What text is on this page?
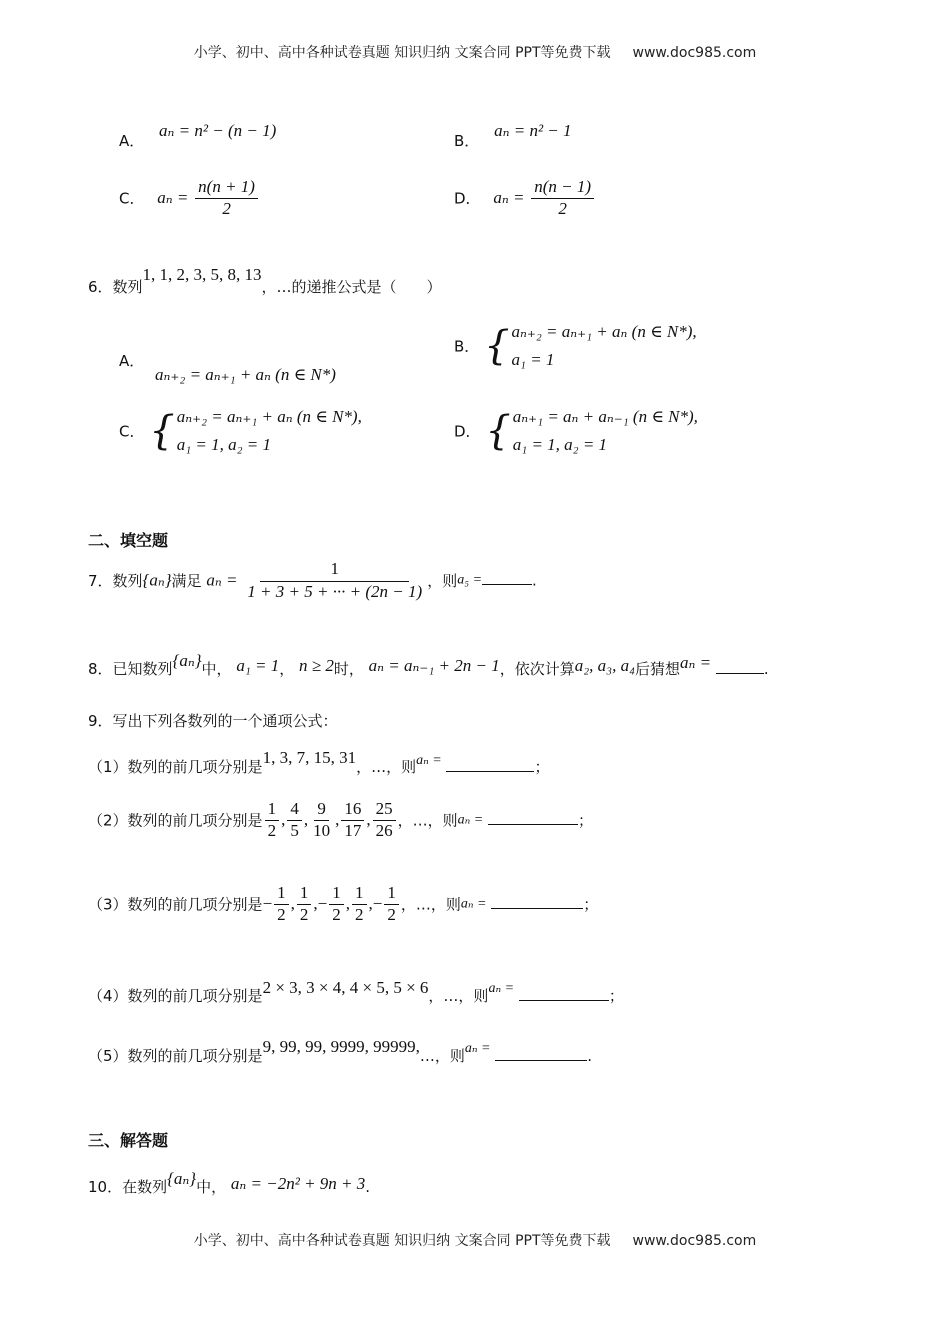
小学、初中、高中各种试卷真题 知识归纳 文案合同 PPT等免费下载 www.doc985.com
A． aₙ = n² − (n − 1)
B． aₙ = n² − 1
C． $a_n = \frac{n(n + 1)}{2}$	D． $a_n = \frac{n(n - 1)}{2}$
6．数列1, 1, 2, 3, 5, 8, 13，…的递推公式是（　　）
A． aₙ₊₂ = aₙ₊₁ + aₙ (n ∈ N*)
B． { aₙ₊₂ = aₙ₊₁ + aₙ (n ∈ N*),
a₁ = 1
C． { aₙ₊₂ = aₙ₊₁ + aₙ (n ∈ N*),
a₁ = 1, a₂ = 1
D． { aₙ₊₁ = aₙ + aₙ₋₁ (n ∈ N*),
a₁ = 1, a₂ = 1
二、填空题
7．数列{aₙ}满足 $a_n = \frac{1}{1 + 3 + 5 + \cdot\cdot\cdot + (2n - 1)}$ ，则a₅ =	.
8．已知数列{aₙ}中， a₁ = 1， n ≥ 2时， aₙ = aₙ₋₁ + 2n − 1，依次计算a₂, a₃, a₄后猜想aₙ =	.
9．写出下列各数列的一个通项公式：
（1）数列的前几项分别是1, 3, 7, 15, 31，…，则aₙ =	；
（2）数列的前几项分别是 $\frac{1}{2}$ , $\frac{4}{5}$ , $\frac{9}{10}$ , $\frac{16}{17}$ , $\frac{25}{26}$ ，…，则aₙ =	；
（3）数列的前几项分别是− $\frac{1}{2}$ , $\frac{1}{2}$ ,− $\frac{1}{2}$ , $\frac{1}{2}$ ,− $\frac{1}{2}$ ，…，则aₙ =	；
（4）数列的前几项分别是2 × 3, 3 × 4, 4 × 5, 5 × 6，…，则aₙ =	；
（5）数列的前几项分别是9, 99, 99, 9999, 99999,…，则aₙ =	.
三、解答题
10．在数列{aₙ}中， aₙ = −2n² + 9n + 3.
小学、初中、高中各种试卷真题 知识归纳 文案合同 PPT等免费下载 www.doc985.com
